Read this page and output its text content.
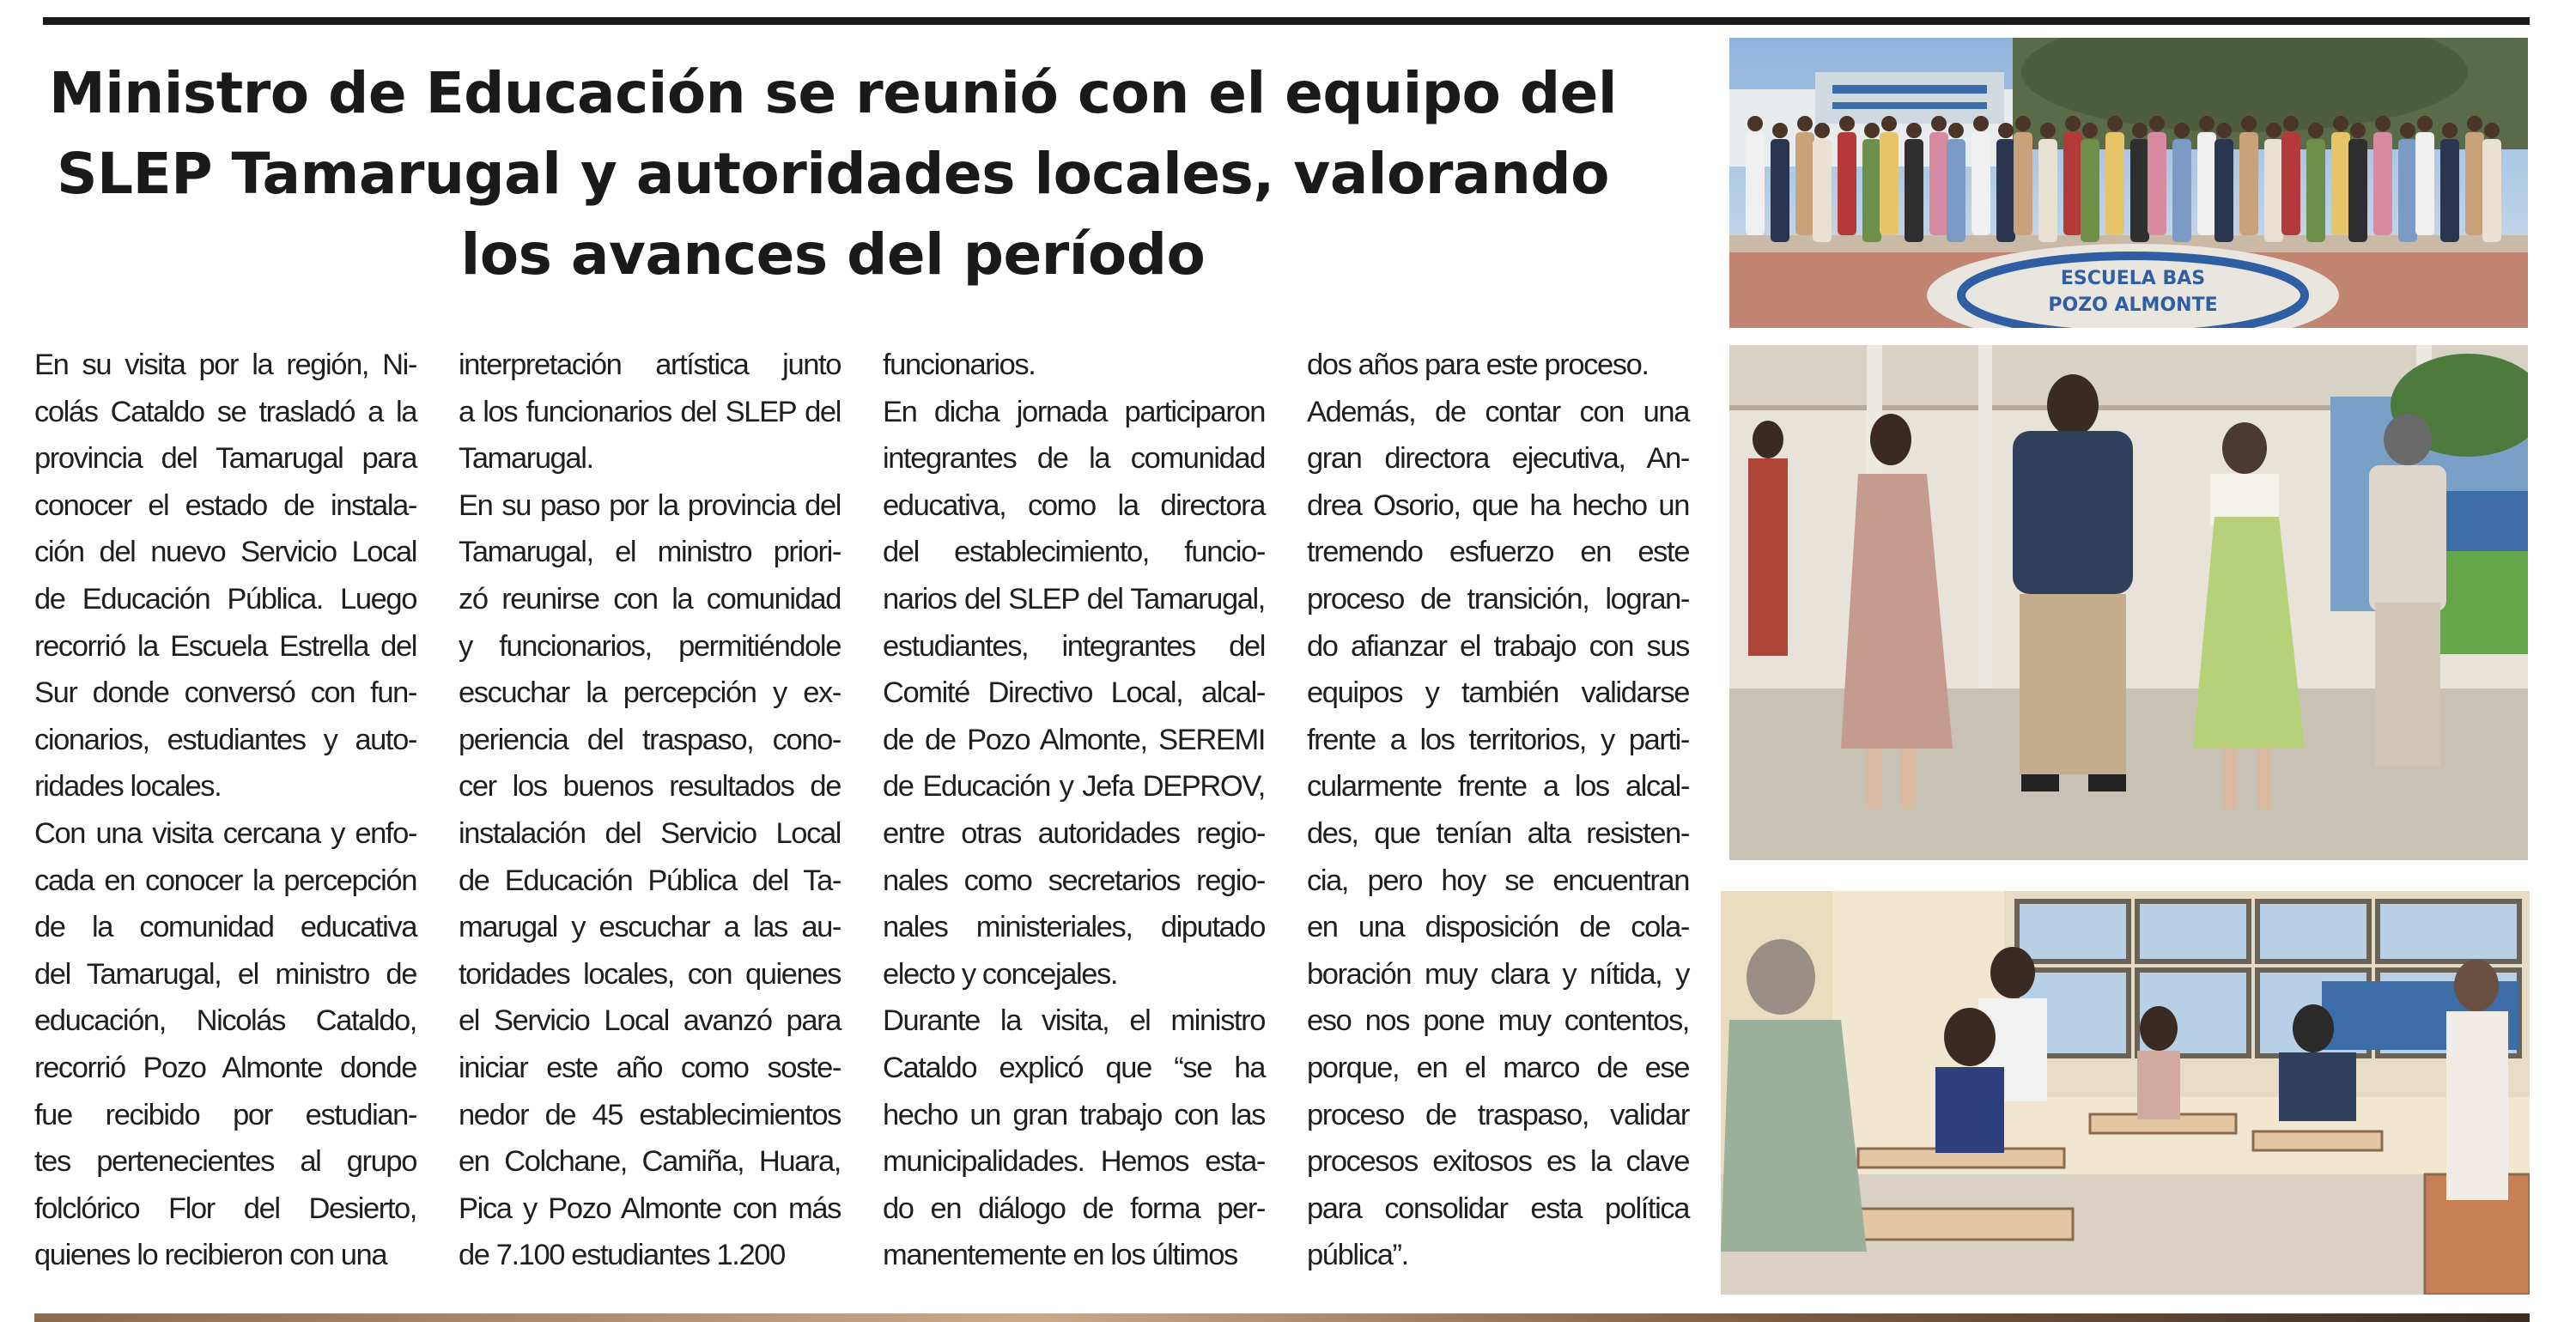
Ministro de Educación se reunió con el equipo del
SLEP Tamarugal y autoridades locales, valorando
los avances del período
En su visita por la región, Ni-
colás Cataldo se trasladó a la
provincia del Tamarugal para
conocer el estado de instala-
ción del nuevo Servicio Local
de Educación Pública. Luego
recorrió la Escuela Estrella del
Sur donde conversó con fun-
cionarios, estudiantes y auto-
ridades locales.
Con una visita cercana y enfo-
cada en conocer la percepción
de la comunidad educativa
del Tamarugal, el ministro de
educación, Nicolás Cataldo,
recorrió Pozo Almonte donde
fue recibido por estudian-
tes pertenecientes al grupo
folclórico Flor del Desierto,
quienes lo recibieron con una
interpretación artística junto
a los funcionarios del SLEP del
Tamarugal.
En su paso por la provincia del
Tamarugal, el ministro priori-
zó reunirse con la comunidad
y funcionarios, permitiéndole
escuchar la percepción y ex-
periencia del traspaso, cono-
cer los buenos resultados de
instalación del Servicio Local
de Educación Pública del Ta-
marugal y escuchar a las au-
toridades locales, con quienes
el Servicio Local avanzó para
iniciar este año como soste-
nedor de 45 establecimientos
en Colchane, Camiña, Huara,
Pica y Pozo Almonte con más
de 7.100 estudiantes 1.200
funcionarios.
En dicha jornada participaron
integrantes de la comunidad
educativa, como la directora
del establecimiento, funcio-
narios del SLEP del Tamarugal,
estudiantes, integrantes del
Comité Directivo Local, alcal-
de de Pozo Almonte, SEREMI
de Educación y Jefa DEPROV,
entre otras autoridades regio-
nales como secretarios regio-
nales ministeriales, diputado
electo y concejales.
Durante la visita, el ministro
Cataldo explicó que “se ha
hecho un gran trabajo con las
municipalidades. Hemos esta-
do en diálogo de forma per-
manentemente en los últimos
dos años para este proceso.
Además, de contar con una
gran directora ejecutiva, An-
drea Osorio, que ha hecho un
tremendo esfuerzo en este
proceso de transición, logran-
do afianzar el trabajo con sus
equipos y también validarse
frente a los territorios, y parti-
cularmente frente a los alcal-
des, que tenían alta resisten-
cia, pero hoy se encuentran
en una disposición de cola-
boración muy clara y nítida, y
eso nos pone muy contentos,
porque, en el marco de ese
proceso de traspaso, validar
procesos exitosos es la clave
para consolidar esta política
pública”.
ESCUELA BAS
POZO ALMONTE
